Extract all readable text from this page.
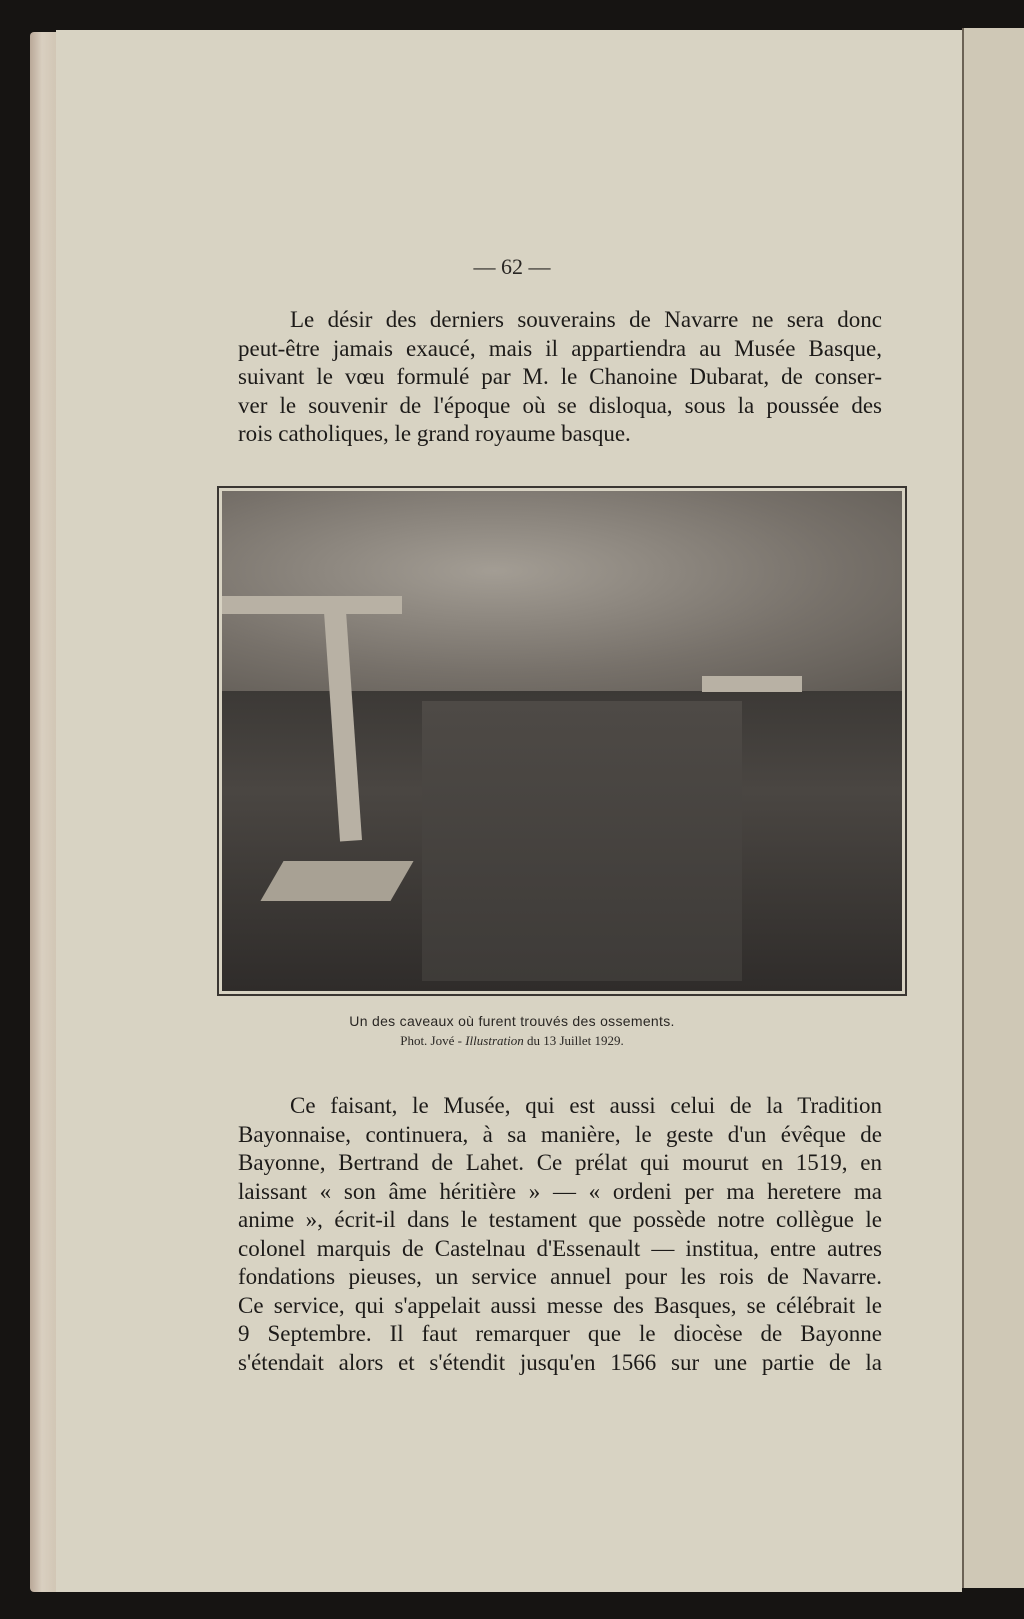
— 62 —
Le désir des derniers souverains de Navarre ne sera donc
peut-être jamais exaucé, mais il appartiendra au Musée Basque,
suivant le vœu formulé par M. le Chanoine Dubarat, de conser-
ver le souvenir de l'époque où se disloqua, sous la poussée des
rois catholiques, le grand royaume basque.
Un des caveaux où furent trouvés des ossements.
Phot. Jové - Illustration du 13 Juillet 1929.
Ce faisant, le Musée, qui est aussi celui de la Tradition
Bayonnaise, continuera, à sa manière, le geste d'un évêque de
Bayonne, Bertrand de Lahet. Ce prélat qui mourut en 1519, en
laissant « son âme héritière » — « ordeni per ma heretere ma
anime », écrit-il dans le testament que possède notre collègue le
colonel marquis de Castelnau d'Essenault — institua, entre autres
fondations pieuses, un service annuel pour les rois de Navarre.
Ce service, qui s'appelait aussi messe des Basques, se célébrait le
9 Septembre. Il faut remarquer que le diocèse de Bayonne
s'étendait alors et s'étendit jusqu'en 1566 sur une partie de la
